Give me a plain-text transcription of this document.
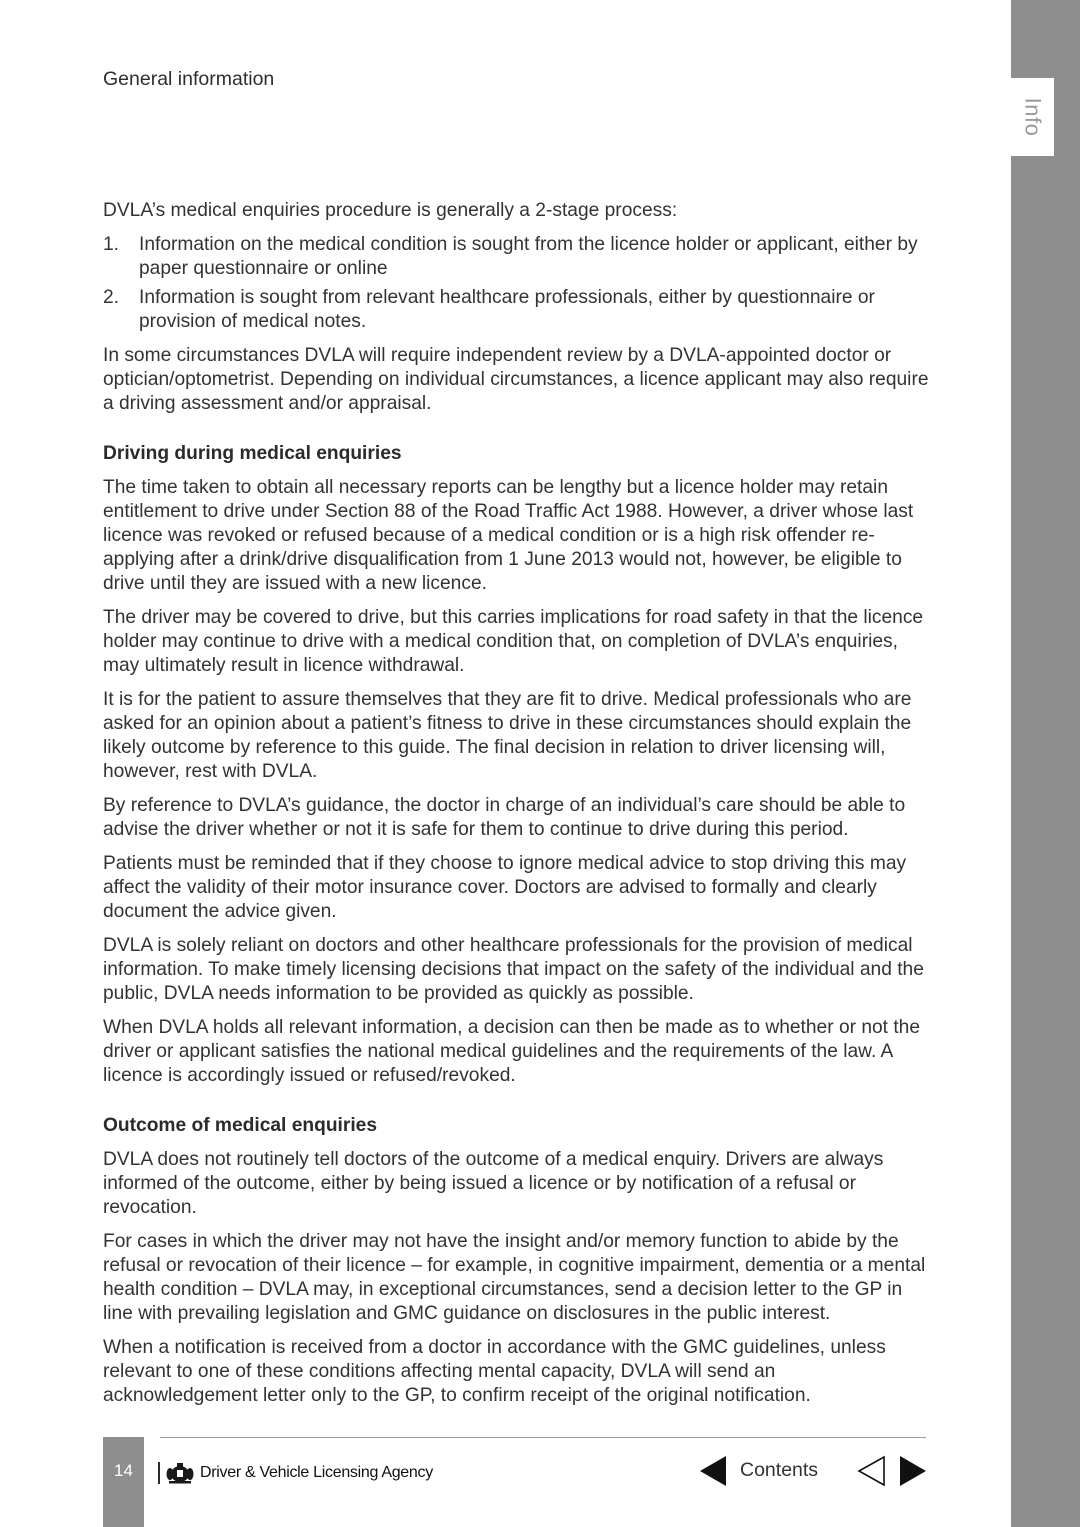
Info
General information

DVLA’s medical enquiries procedure is generally a 2-stage process:

1. Information on the medical condition is sought from the licence holder or applicant, either by paper questionnaire or online
2. Information is sought from relevant healthcare professionals, either by questionnaire or provision of medical notes.

In some circumstances DVLA will require independent review by a DVLA-appointed doctor or optician/optometrist. Depending on individual circumstances, a licence applicant may also require a driving assessment and/or appraisal.

Driving during medical enquiries

The time taken to obtain all necessary reports can be lengthy but a licence holder may retain entitlement to drive under Section 88 of the Road Traffic Act 1988. However, a driver whose last licence was revoked or refused because of a medical condition or is a high risk offender re-applying after a drink/drive disqualification from 1 June 2013 would not, however, be eligible to drive until they are issued with a new licence.

The driver may be covered to drive, but this carries implications for road safety in that the licence holder may continue to drive with a medical condition that, on completion of DVLA’s enquiries, may ultimately result in licence withdrawal.

It is for the patient to assure themselves that they are fit to drive. Medical professionals who are asked for an opinion about a patient’s fitness to drive in these circumstances should explain the likely outcome by reference to this guide. The final decision in relation to driver licensing will, however, rest with DVLA.

By reference to DVLA’s guidance, the doctor in charge of an individual’s care should be able to advise the driver whether or not it is safe for them to continue to drive during this period.

Patients must be reminded that if they choose to ignore medical advice to stop driving this may affect the validity of their motor insurance cover. Doctors are advised to formally and clearly document the advice given.

DVLA is solely reliant on doctors and other healthcare professionals for the provision of medical information. To make timely licensing decisions that impact on the safety of the individual and the public, DVLA needs information to be provided as quickly as possible.

When DVLA holds all relevant information, a decision can then be made as to whether or not the driver or applicant satisfies the national medical guidelines and the requirements of the law. A licence is accordingly issued or refused/revoked.

Outcome of medical enquiries

DVLA does not routinely tell doctors of the outcome of a medical enquiry. Drivers are always informed of the outcome, either by being issued a licence or by notification of a refusal or revocation.

For cases in which the driver may not have the insight and/or memory function to abide by the refusal or revocation of their licence – for example, in cognitive impairment, dementia or a mental health condition – DVLA may, in exceptional circumstances, send a decision letter to the GP in line with prevailing legislation and GMC guidance on disclosures in the public interest.

When a notification is received from a doctor in accordance with the GMC guidelines, unless relevant to one of these conditions affecting mental capacity, DVLA will send an acknowledgement letter only to the GP, to confirm receipt of the original notification.

14	Driver & Vehicle Licensing Agency	Contents
